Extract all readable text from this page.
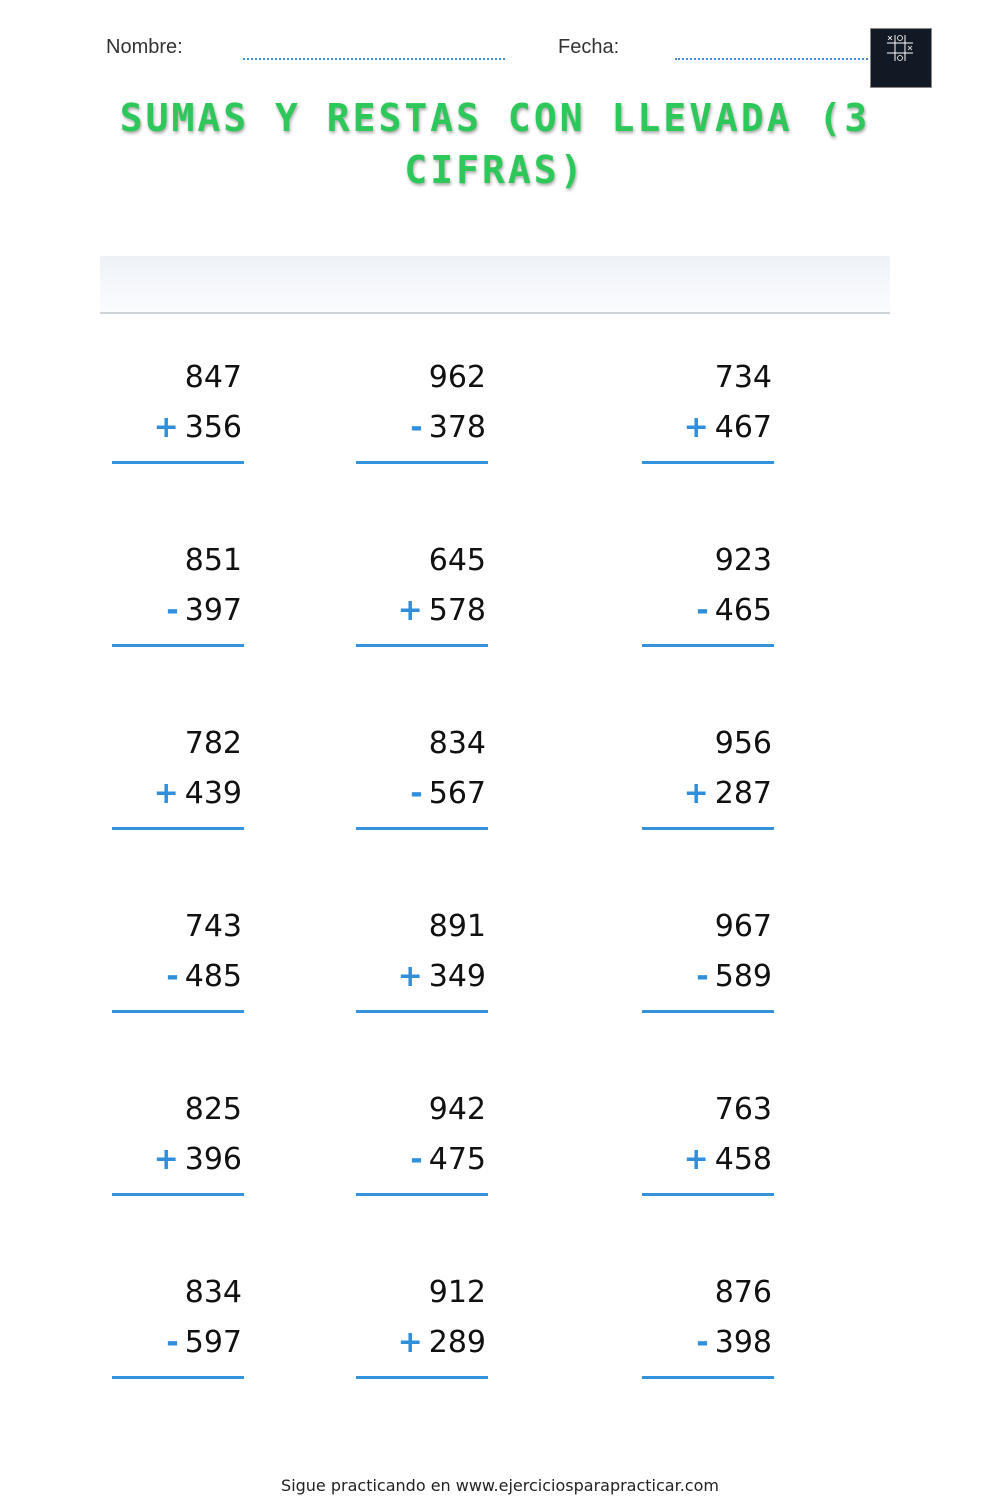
Nombre:	Fecha:
SUMAS Y RESTAS CON LLEVADA (3 CIFRAS)
847
+ 356
962
- 378
734
+ 467
851
- 397
645
+ 578
923
- 465
782
+ 439
834
- 567
956
+ 287
743
- 485
891
+ 349
967
- 589
825
+ 396
942
- 475
763
+ 458
834
- 597
912
+ 289
876
- 398
Sigue practicando en www.ejerciciosparapracticar.com
